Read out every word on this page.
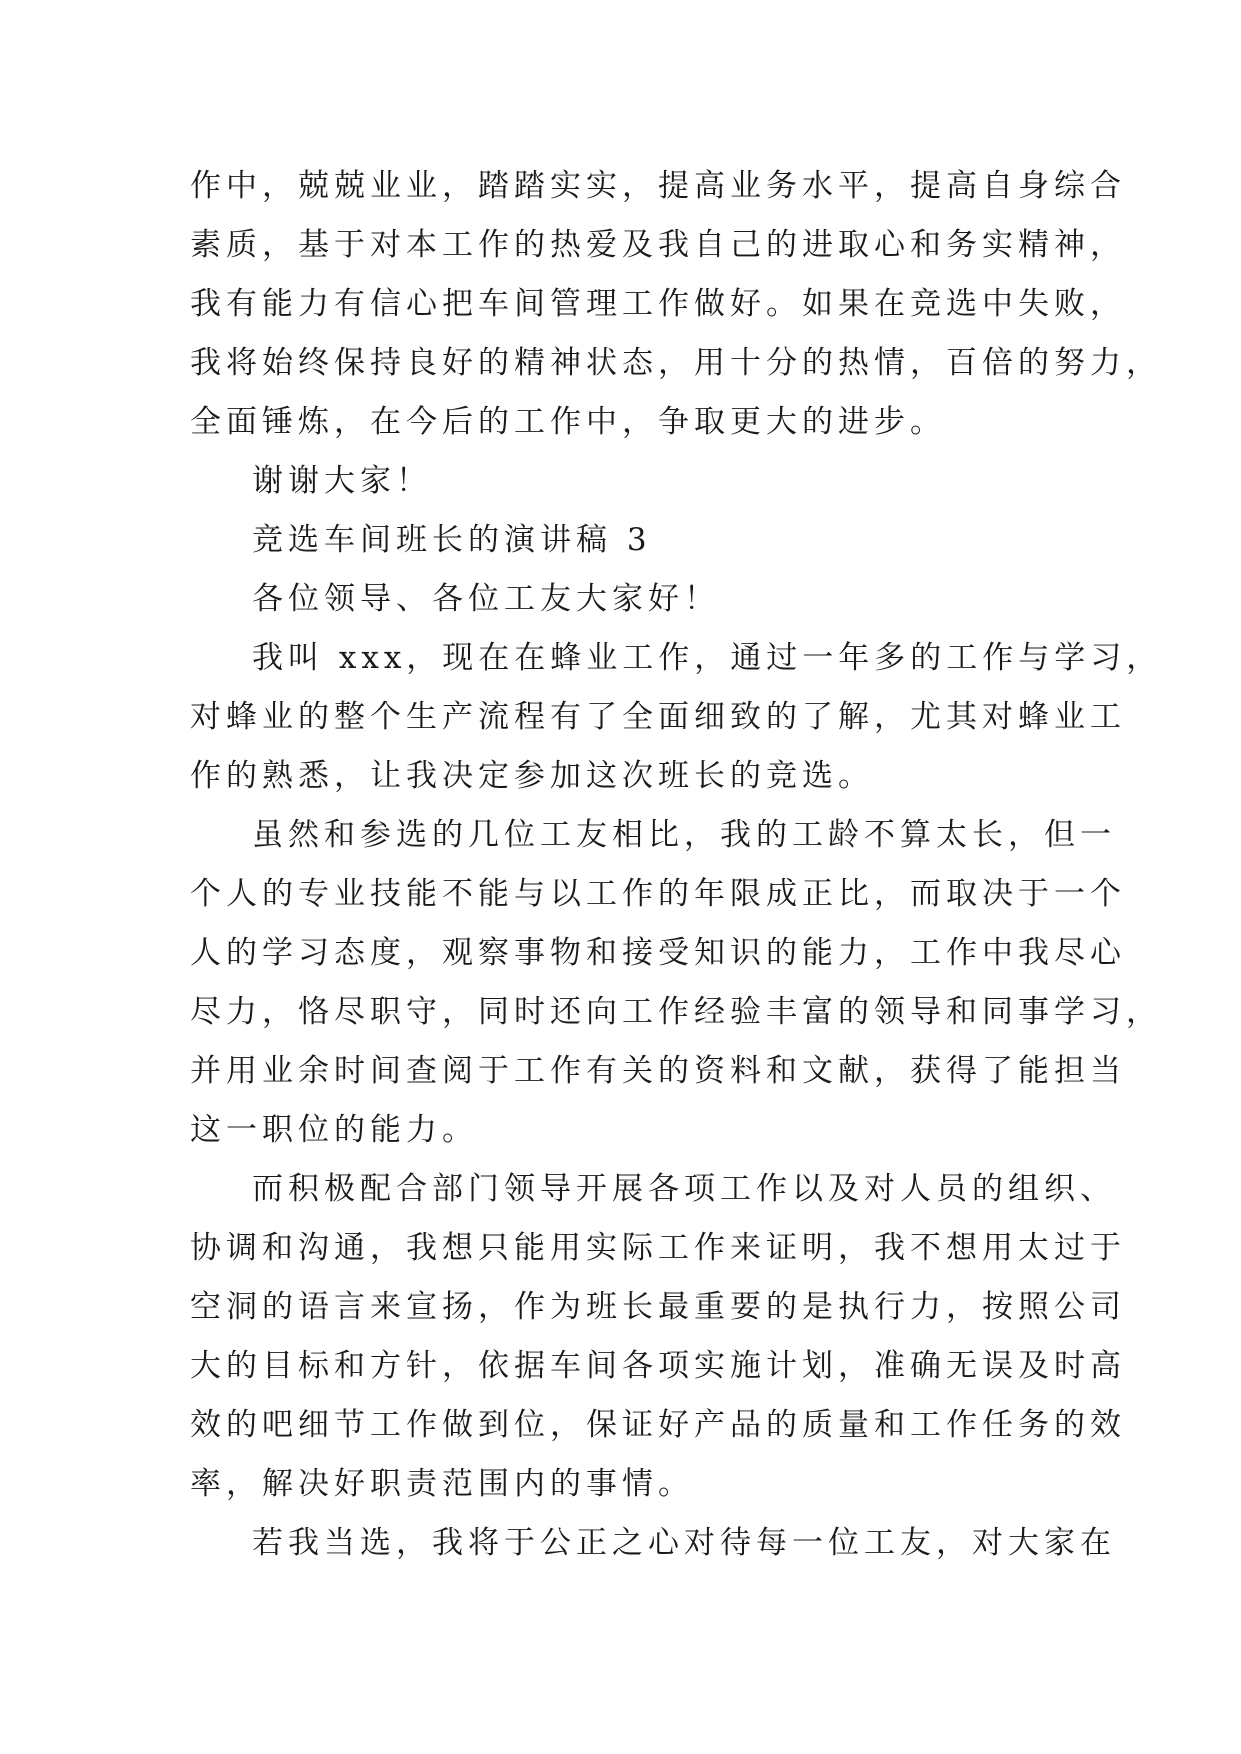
作中，兢兢业业，踏踏实实，提高业务水平，提高自身综合

素质，基于对本工作的热爱及我自己的进取心和务实精神，

我有能力有信心把车间管理工作做好。如果在竞选中失败，

我将始终保持良好的精神状态，用十分的热情，百倍的努力，

全面锤炼，在今后的工作中，争取更大的进步。

谢谢大家！

竞选车间班长的演讲稿 3

各位领导、各位工友大家好！

我叫 xxx，现在在蜂业工作，通过一年多的工作与学习，

对蜂业的整个生产流程有了全面细致的了解，尤其对蜂业工

作的熟悉，让我决定参加这次班长的竞选。

虽然和参选的几位工友相比，我的工龄不算太长，但一

个人的专业技能不能与以工作的年限成正比，而取决于一个

人的学习态度，观察事物和接受知识的能力，工作中我尽心

尽力，恪尽职守，同时还向工作经验丰富的领导和同事学习，

并用业余时间查阅于工作有关的资料和文献，获得了能担当

这一职位的能力。

而积极配合部门领导开展各项工作以及对人员的组织、

协调和沟通，我想只能用实际工作来证明，我不想用太过于

空洞的语言来宣扬，作为班长最重要的是执行力，按照公司

大的目标和方针，依据车间各项实施计划，准确无误及时高

效的吧细节工作做到位，保证好产品的质量和工作任务的效

率，解决好职责范围内的事情。

若我当选，我将于公正之心对待每一位工友，对大家在
